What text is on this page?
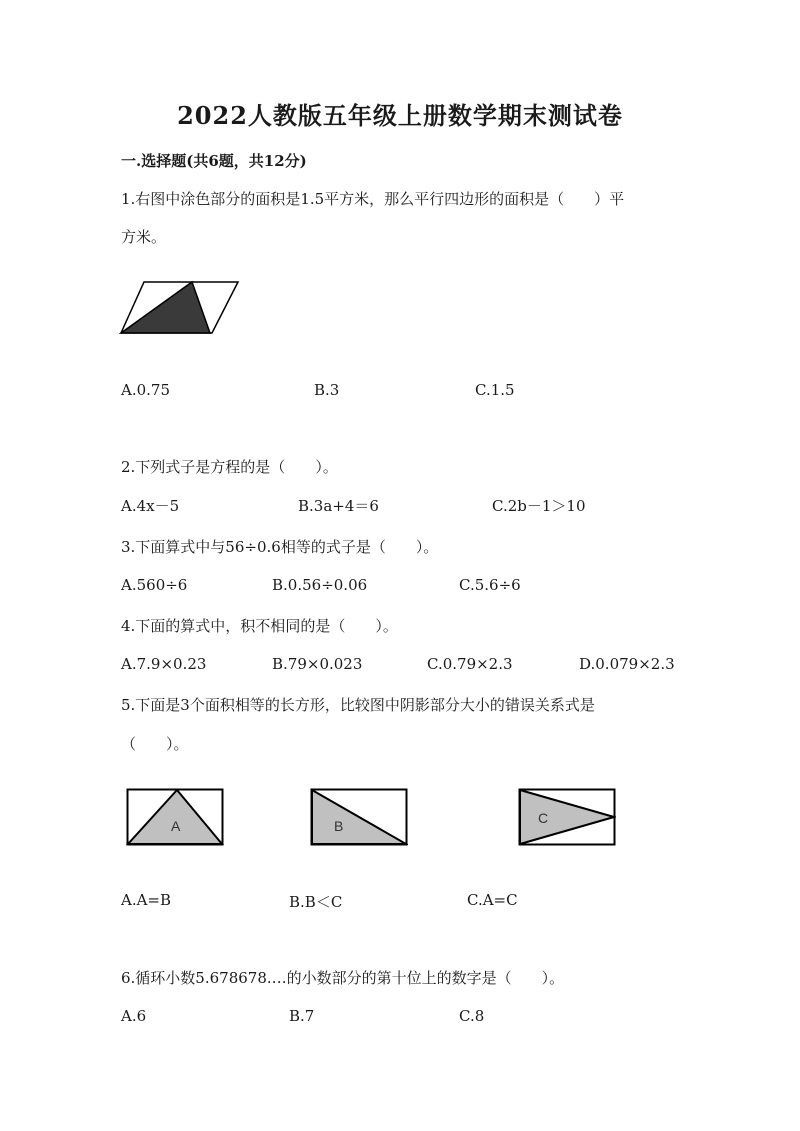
2022人教版五年级上册数学期末测试卷
一.选择题(共6题，共12分)
1.右图中涂色部分的面积是1.5平方米，那么平行四边形的面积是（　　）平
方米。
A.0.75	B.3	C.1.5
2.下列式子是方程的是（　　）。
A.4x－5	B.3a+4＝6	C.2b－1＞10
3.下面算式中与56÷0.6相等的式子是（　　）。
A.560÷6	B.0.56÷0.06	C.5.6÷6
4.下面的算式中，积不相同的是（　　）。
A.7.9×0.23	B.79×0.023	C.0.79×2.3	D.0.079×2.3
5.下面是3个面积相等的长方形，比较图中阴影部分大小的错误关系式是
（　　）。
A	B	C
A.A=B	B.B＜C	C.A=C
6.循环小数5.678678.…的小数部分的第十位上的数字是（　　）。
A.6	B.7	C.8
